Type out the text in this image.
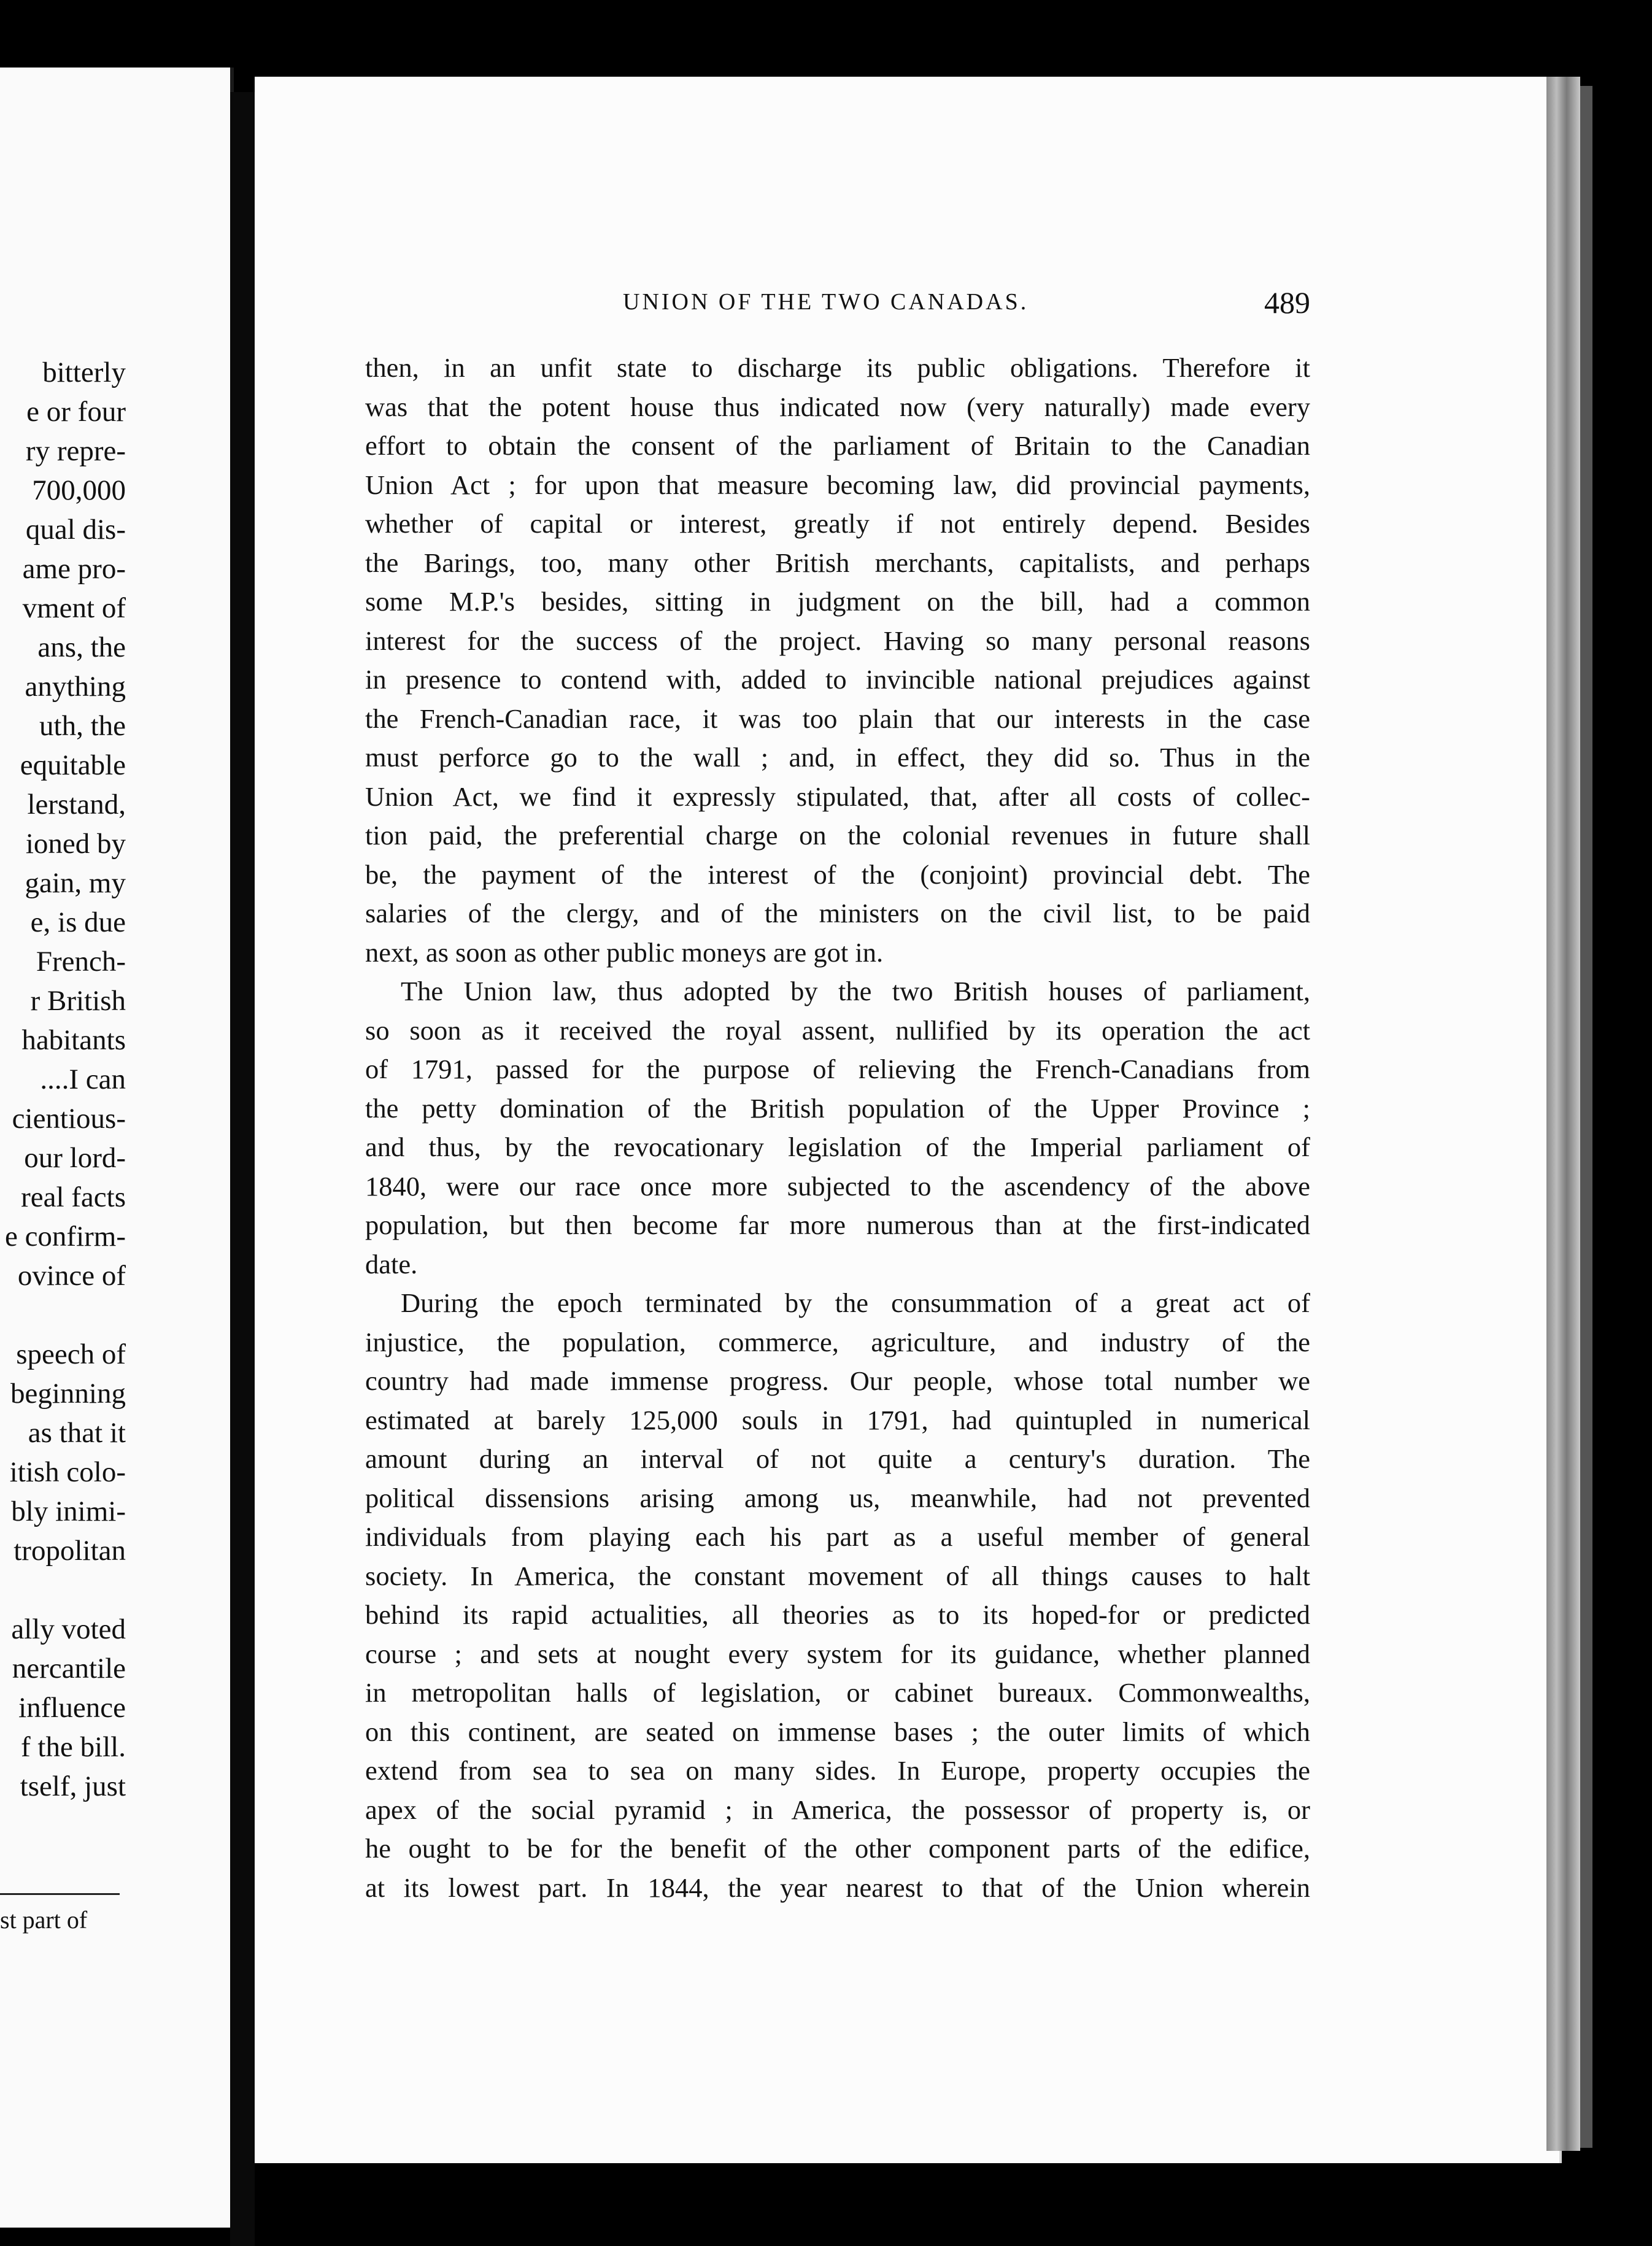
bitterly
e or four
ry repre-
700,000
qual dis-
ame pro-
vment of
ans, the
anything
uth, the
equitable
lerstand,
ioned by
gain, my
e, is due
French-
r British
habitants
....I can
cientious-
our lord-
real facts
e confirm-
ovince of
speech of
beginning
as that it
itish colo-
bly inimi-
tropolitan
ally voted
nercantile
influence
f the bill.
tself, just
st part of
UNION OF THE TWO CANADAS.	489
then, in an unfit state to discharge its public obligations. Therefore it
was that the potent house thus indicated now (very naturally) made every
effort to obtain the consent of the parliament of Britain to the Canadian
Union Act ; for upon that measure becoming law, did provincial payments,
whether of capital or interest, greatly if not entirely depend. Besides
the Barings, too, many other British merchants, capitalists, and perhaps
some M.P.'s besides, sitting in judgment on the bill, had a common
interest for the success of the project. Having so many personal reasons
in presence to contend with, added to invincible national prejudices against
the French-Canadian race, it was too plain that our interests in the case
must perforce go to the wall ; and, in effect, they did so. Thus in the
Union Act, we find it expressly stipulated, that, after all costs of collec-
tion paid, the preferential charge on the colonial revenues in future shall
be, the payment of the interest of the (conjoint) provincial debt. The
salaries of the clergy, and of the ministers on the civil list, to be paid
next, as soon as other public moneys are got in.
The Union law, thus adopted by the two British houses of parliament,
so soon as it received the royal assent, nullified by its operation the act
of 1791, passed for the purpose of relieving the French-Canadians from
the petty domination of the British population of the Upper Province ;
and thus, by the revocationary legislation of the Imperial parliament of
1840, were our race once more subjected to the ascendency of the above
population, but then become far more numerous than at the first-indicated
date.
During the epoch terminated by the consummation of a great act of
injustice, the population, commerce, agriculture, and industry of the
country had made immense progress. Our people, whose total number we
estimated at barely 125,000 souls in 1791, had quintupled in numerical
amount during an interval of not quite a century's duration. The
political dissensions arising among us, meanwhile, had not prevented
individuals from playing each his part as a useful member of general
society. In America, the constant movement of all things causes to halt
behind its rapid actualities, all theories as to its hoped-for or predicted
course ; and sets at nought every system for its guidance, whether planned
in metropolitan halls of legislation, or cabinet bureaux. Commonwealths,
on this continent, are seated on immense bases ; the outer limits of which
extend from sea to sea on many sides. In Europe, property occupies the
apex of the social pyramid ; in America, the possessor of property is, or
he ought to be for the benefit of the other component parts of the edifice,
at its lowest part. In 1844, the year nearest to that of the Union wherein
